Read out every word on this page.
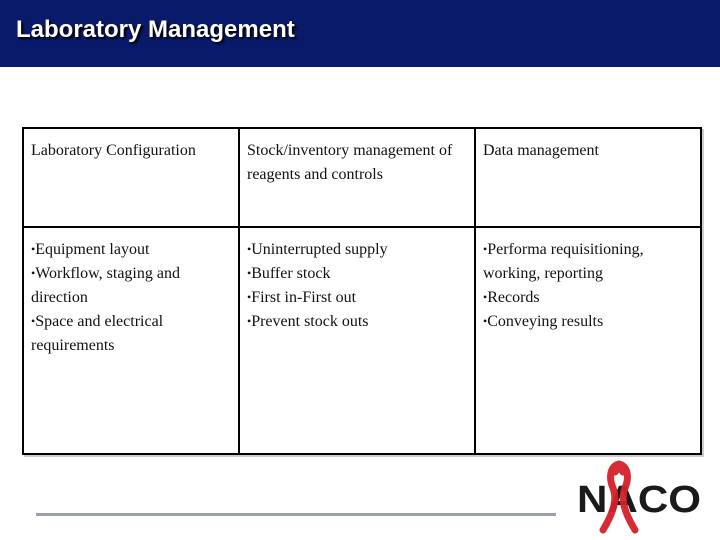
Laboratory Management
Laboratory Configuration	Stock/inventory management of reagents and controls
Data management
•Equipment layout
•Workflow, staging and direction
•Space and electrical requirements
•Uninterrupted supply
•Buffer stock
•First in-First out
•Prevent stock outs
•Performa requisitioning, working, reporting
•Records
•Conveying results
NACO
